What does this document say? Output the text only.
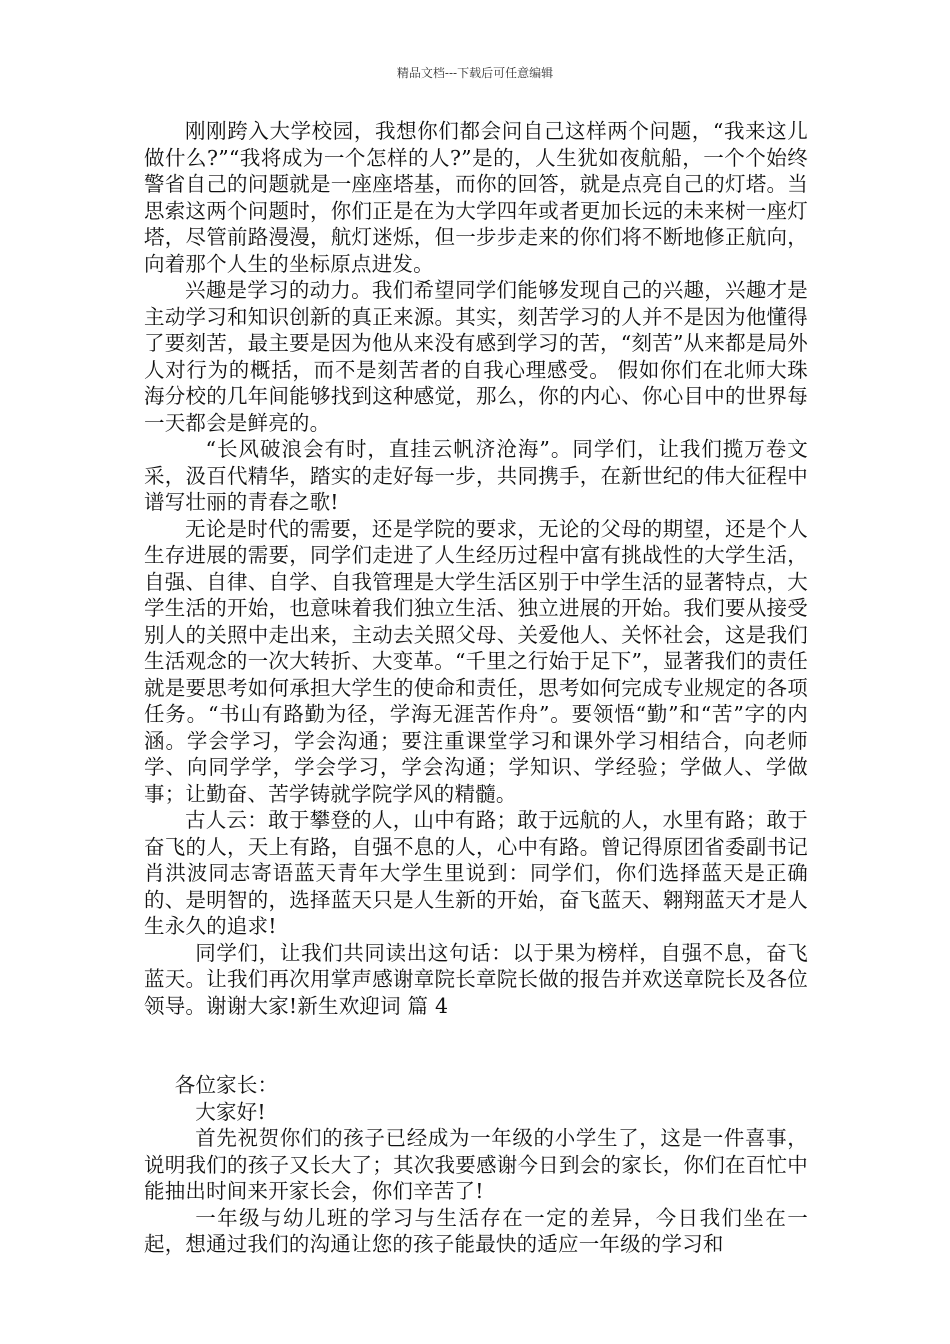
精品文档---下载后可任意编辑

刚刚跨入大学校园，我想你们都会问自己这样两个问题，“我来这儿做什么?”“我将成为一个怎样的人?”是的，人生犹如夜航船，一个个始终警省自己的问题就是一座座塔基，而你的回答，就是点亮自己的灯塔。当思索这两个问题时，你们正是在为大学四年或者更加长远的未来树一座灯塔，尽管前路漫漫，航灯迷烁，但一步步走来的你们将不断地修正航向，向着那个人生的坐标原点进发。

兴趣是学习的动力。我们希望同学们能够发现自己的兴趣，兴趣才是主动学习和知识创新的真正来源。其实，刻苦学习的人并不是因为他懂得了要刻苦，最主要是因为他从来没有感到学习的苦，“刻苦”从来都是局外人对行为的概括，而不是刻苦者的自我心理感受。 假如你们在北师大珠海分校的几年间能够找到这种感觉，那么，你的内心、你心目中的世界每一天都会是鲜亮的。

“长风破浪会有时，直挂云帆济沧海”。同学们，让我们揽万卷文采，汲百代精华，踏实的走好每一步，共同携手，在新世纪的伟大征程中谱写壮丽的青春之歌!

无论是时代的需要，还是学院的要求，无论的父母的期望，还是个人生存进展的需要，同学们走进了人生经历过程中富有挑战性的大学生活，自强、自律、自学、自我管理是大学生活区别于中学生活的显著特点，大学生活的开始，也意味着我们独立生活、独立进展的开始。我们要从接受别人的关照中走出来，主动去关照父母、关爱他人、关怀社会，这是我们生活观念的一次大转折、大变革。“千里之行始于足下”，显著我们的责任就是要思考如何承担大学生的使命和责任，思考如何完成专业规定的各项任务。“书山有路勤为径，学海无涯苦作舟”。要领悟“勤”和“苦”字的内涵。学会学习，学会沟通；要注重课堂学习和课外学习相结合，向老师学、向同学学，学会学习，学会沟通；学知识、学经验；学做人、学做事；让勤奋、苦学铸就学院学风的精髓。

古人云：敢于攀登的人，山中有路；敢于远航的人，水里有路；敢于奋飞的人，天上有路，自强不息的人，心中有路。曾记得原团省委副书记肖洪波同志寄语蓝天青年大学生里说到：同学们，你们选择蓝天是正确的、是明智的，选择蓝天只是人生新的开始，奋飞蓝天、翱翔蓝天才是人生永久的追求!

同学们，让我们共同读出这句话：以于果为榜样，自强不息，奋飞蓝天。让我们再次用掌声感谢章院长章院长做的报告并欢送章院长及各位领导。谢谢大家!新生欢迎词 篇 4

各位家长：

大家好!

首先祝贺你们的孩子已经成为一年级的小学生了，这是一件喜事，说明我们的孩子又长大了；其次我要感谢今日到会的家长，你们在百忙中能抽出时间来开家长会，你们辛苦了!

一年级与幼儿班的学习与生活存在一定的差异，今日我们坐在一起，想通过我们的沟通让您的孩子能最快的适应一年级的学习和
